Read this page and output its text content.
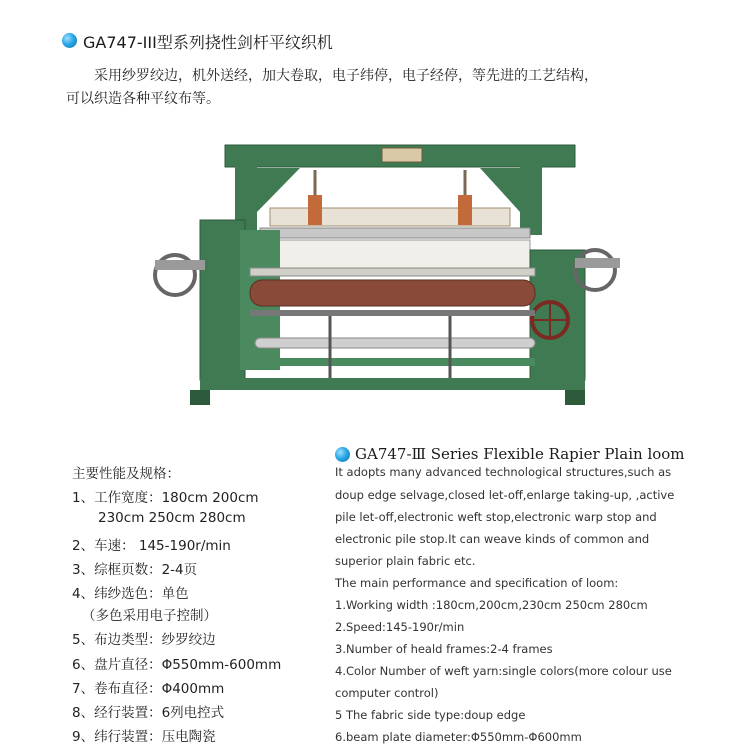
GA747-III型系列挠性剑杆平纹织机
采用纱罗绞边，机外送经，加大卷取，电子纬停，电子经停，等先进的工艺结构，
可以织造各种平纹布等。
主要性能及规格：
1、工作宽度：180cm 200cm
230cm 250cm 280cm
2、车速： 145-190r/min
3、综框页数：2-4页
4、纬纱选色：单色
（多色采用电子控制）
5、布边类型：纱罗绞边
6、盘片直径：Φ550mm-600mm
7、卷布直径：Φ400mm
8、经行装置：6列电控式
9、纬行装置：压电陶瓷
GA747-Ⅲ Series Flexible Rapier Plain loom
It adopts many advanced technological structures,such as
doup edge selvage,closed let-off,enlarge taking-up, ,active
pile let-off,electronic weft stop,electronic warp stop and
electronic pile stop.It can weave kinds of common and
superior plain fabric etc.
The main performance and specification of loom:
1.Working width :180cm,200cm,230cm 250cm 280cm
2.Speed:145-190r/min
3.Number of heald frames:2-4 frames
4.Color Number of weft yarn:single colors(more colour use
computer control)
5 The fabric side type:doup edge
6.beam plate diameter:Φ550mm-Φ600mm
